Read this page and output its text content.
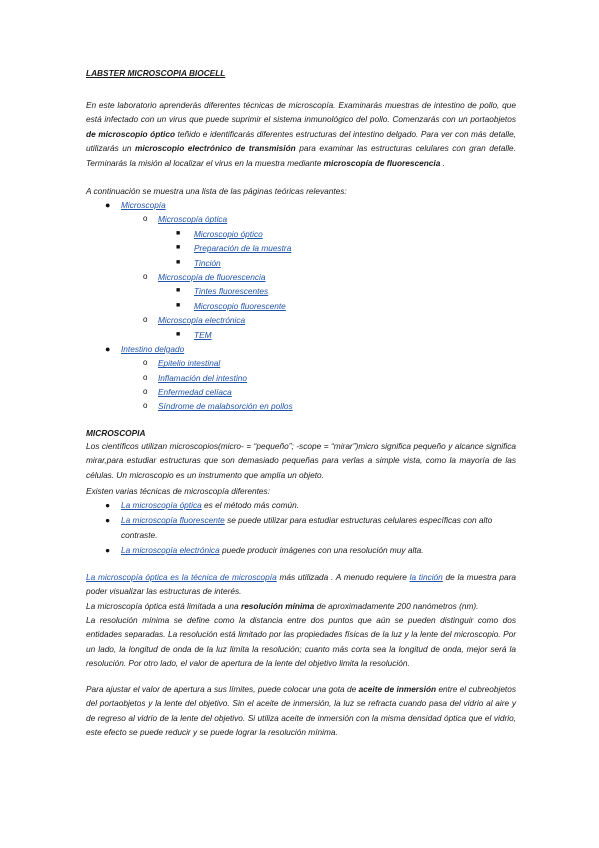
LABSTER MICROSCOPIA BIOCELL
En este laboratorio aprenderás diferentes técnicas de microscopía. Examinarás muestras de intestino de pollo, que está infectado con un virus que puede suprimir el sistema inmunológico del pollo. Comenzarás con un portaobjetos de microscopio óptico teñido e identificarás diferentes estructuras del intestino delgado. Para ver con más detalle, utilizarás un microscopio electrónico de transmisión para examinar las estructuras celulares con gran detalle. Terminarás la misión al localizar el virus en la muestra mediante microscopía de fluorescencia .
A continuación se muestra una lista de las páginas teóricas relevantes:
● Microscopía
o Microscopía óptica
■ Microscopio óptico
■ Preparación de la muestra
■ Tinción
o Microscopía de fluorescencia
■ Tintes fluorescentes
■ Microscopio fluorescente
o Microscopía electrónica
■ TEM
● Intestino delgado
o Epitelio intestinal
o Inflamación del intestino
o Enfermedad celíaca
o Síndrome de malabsorción en pollos
MICROSCOPIA
Los científicos utilizan microscopios(micro- = “pequeño”; -scope = “mirar”)micro significa pequeño y alcance significa mirar,para estudiar estructuras que son demasiado pequeñas para verlas a simple vista, como la mayoría de las células. Un microscopio es un instrumento que amplía un objeto.
Existen varias técnicas de microscopía diferentes:
● La microscopía óptica es el método más común.
● La microscopía fluorescente se puede utilizar para estudiar estructuras celulares específicas con alto contraste.
● La microscopía electrónica puede producir imágenes con una resolución muy alta.
La microscopía óptica es la técnica de microscopía más utilizada . A menudo requiere la tinción de la muestra para poder visualizar las estructuras de interés.
La microscopía óptica está limitada a una resolución mínima de aproximadamente 200 nanómetros (nm).
La resolución mínima se define como la distancia entre dos puntos que aún se pueden distinguir como dos entidades separadas. La resolución está limitado por las propiedades físicas de la luz y la lente del microscopio. Por un lado, la longitud de onda de la luz limita la resolución; cuanto más corta sea la longitud de onda, mejor será la resolución. Por otro lado, el valor de apertura de la lente del objetivo limita la resolución.
Para ajustar el valor de apertura a sus límites, puede colocar una gota de aceite de inmersión entre el cubreobjetos del portaobjetos y la lente del objetivo. Sin el aceite de inmersión, la luz se refracta cuando pasa del vidrio al aire y de regreso al vidrio de la lente del objetivo. Si utiliza aceite de inmersión con la misma densidad óptica que el vidrio, este efecto se puede reducir y se puede lograr la resolución mínima.
